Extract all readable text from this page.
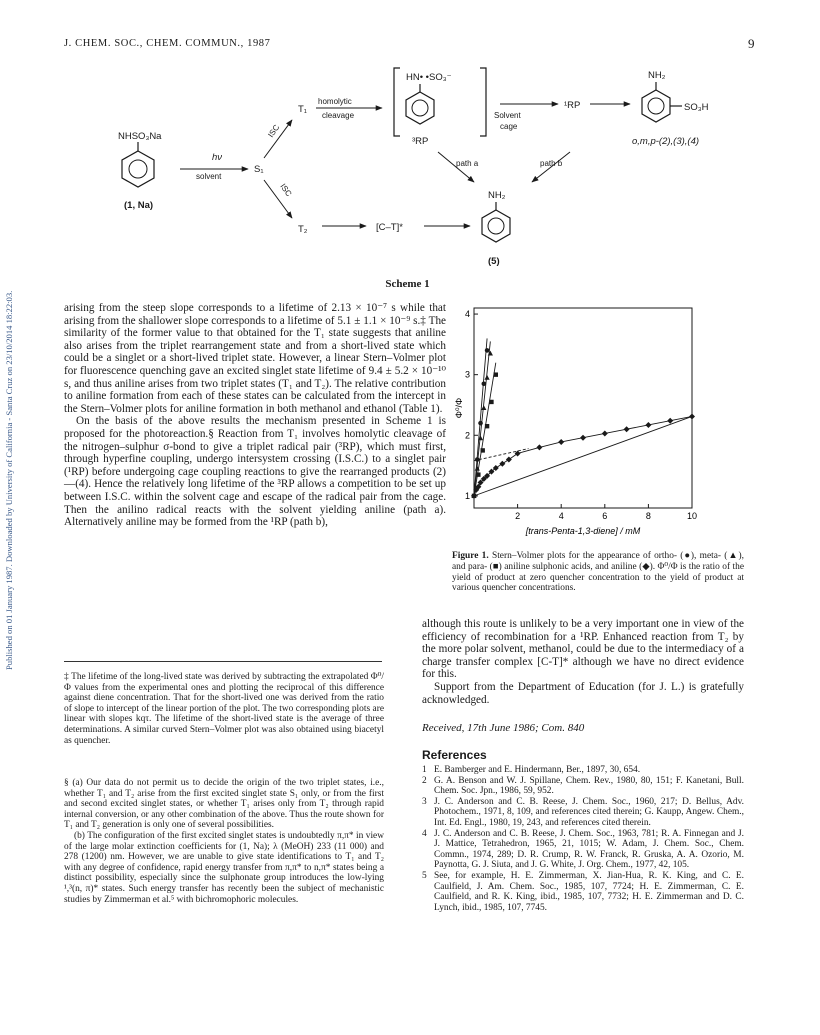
Published on 01 January 1987. Downloaded by University of California - Santa Cruz on 23/10/2014 18:22:03.
J. CHEM. SOC., CHEM. COMMUN., 1987	9
NHSO₃Na
(1, Na)
hν
solvent
S₁
ISC
ISC
T₁
T₂
homolytic
cleavage
HN• •SO₃⁻
³RP
Solvent
cage
¹RP
NH₂
SO₃H
o,m,p-(2),(3),(4)
path a	path b
[C–T]*
NH₂
(5)
Scheme 1

arising from the steep slope corresponds to a lifetime of 2.13 × 10⁻⁷ s while that arising from the shallower slope corresponds to a lifetime of 5.1 ± 1.1 × 10⁻⁹ s.‡ The similarity of the former value to that obtained for the T₁ state suggests that aniline also arises from the triplet rearrangement state and from a short-lived state which could be a singlet or a short-lived triplet state. However, a linear Stern–Volmer plot for fluorescence quenching gave an excited singlet state lifetime of 9.4 ± 5.2 × 10⁻¹⁰ s, and thus aniline arises from two triplet states (T₁ and T₂). The relative contribution to aniline formation from each of these states can be calculated from the intercept in the Stern–Volmer plots for aniline formation in both methanol and ethanol (Table 1).

On the basis of the above results the mechanism presented in Scheme 1 is proposed for the photoreaction.§ Reaction from T₁ involves homolytic cleavage of the nitrogen–sulphur σ-bond to give a triplet radical pair (³RP), which must first, through hyperfine coupling, undergo intersystem crossing (I.S.C.) to a singlet pair (¹RP) before undergoing cage coupling reactions to give the rearranged products (2)—(4). Hence the relatively long lifetime of the ³RP allows a competition to be set up between I.S.C. within the solvent cage and escape of the radical pair from the cage. Then the anilino radical reacts with the solvent yielding aniline (path a). Alternatively aniline may be formed from the ¹RP (path b),

2	4	6	8	10
1
2
3
4
[trans-Penta-1,3-diene] / mM
Φ⁰/Φ
Figure 1. Stern–Volmer plots for the appearance of ortho- (●), meta- (▲), and para- (■) aniline sulphonic acids, and aniline (◆). Φ⁰/Φ is the ratio of the yield of product at zero quencher concentration to the yield of product at various quencher concentrations.

although this route is unlikely to be a very important one in view of the efficiency of recombination for a ¹RP. Enhanced reaction from T₂ by the more polar solvent, methanol, could be due to the intermediacy of a charge transfer complex [C-T]* although we have no direct evidence for this.

Support from the Department of Education (for J. L.) is gratefully acknowledged.

Received, 17th June 1986; Com. 840
References
1 E. Bamberger and E. Hindermann, Ber., 1897, 30, 654.
2 G. A. Benson and W. J. Spillane, Chem. Rev., 1980, 80, 151; F. Kanetani, Bull. Chem. Soc. Jpn., 1986, 59, 952.
3 J. C. Anderson and C. B. Reese, J. Chem. Soc., 1960, 217; D. Bellus, Adv. Photochem., 1971, 8, 109, and references cited therein; G. Kaupp, Angew. Chem., Int. Ed. Engl., 1980, 19, 243, and references cited therein.
4 J. C. Anderson and C. B. Reese, J. Chem. Soc., 1963, 781; R. A. Finnegan and J. J. Mattice, Tetrahedron, 1965, 21, 1015; W. Adam, J. Chem. Soc., Chem. Commn., 1974, 289; D. R. Crump, R. W. Franck, R. Gruska, A. A. Ozorio, M. Paynotta, G. J. Siuta, and J. G. White, J. Org. Chem., 1977, 42, 105.
5 See, for example, H. E. Zimmerman, X. Jian-Hua, R. K. King, and C. E. Caulfield, J. Am. Chem. Soc., 1985, 107, 7724; H. E. Zimmerman, C. E. Caulfield, and R. K. King, ibid., 1985, 107, 7732; H. E. Zimmerman and D. C. Lynch, ibid., 1985, 107, 7745.

‡ The lifetime of the long-lived state was derived by subtracting the extrapolated Φ⁰/Φ values from the experimental ones and plotting the reciprocal of this difference against diene concentration. That for the short-lived one was derived from the ratio of slope to intercept of the linear portion of the plot. The two corresponding plots are linear with slopes kqτ. The lifetime of the short-lived state is the average of three determinations. A similar curved Stern–Volmer plot was also obtained using biacetyl as quencher.

§ (a) Our data do not permit us to decide the origin of the two triplet states, i.e., whether T₁ and T₂ arise from the first excited singlet state S₁ only, or from the first and second excited singlet states, or whether T₁ arises only from T₂ through rapid internal conversion, or any other combination of the above. Thus the route shown for T₁ and T₂ generation is only one of several possibilities.

(b) The configuration of the first excited singlet states is undoubtedly π,π* in view of the large molar extinction coefficients for (1, Na); λ (MeOH) 233 (11 000) and 278 (1200) nm. However, we are unable to give state identifications to T₁ and T₂ with any degree of confidence, rapid energy transfer from π,π* to n,π* states being a distinct possibility, especially since the sulphonate group introduces the low-lying ¹,³(n, π)* states. Such energy transfer has recently been the subject of mechanistic studies by Zimmerman et al.⁵ with bichromophoric molecules.
